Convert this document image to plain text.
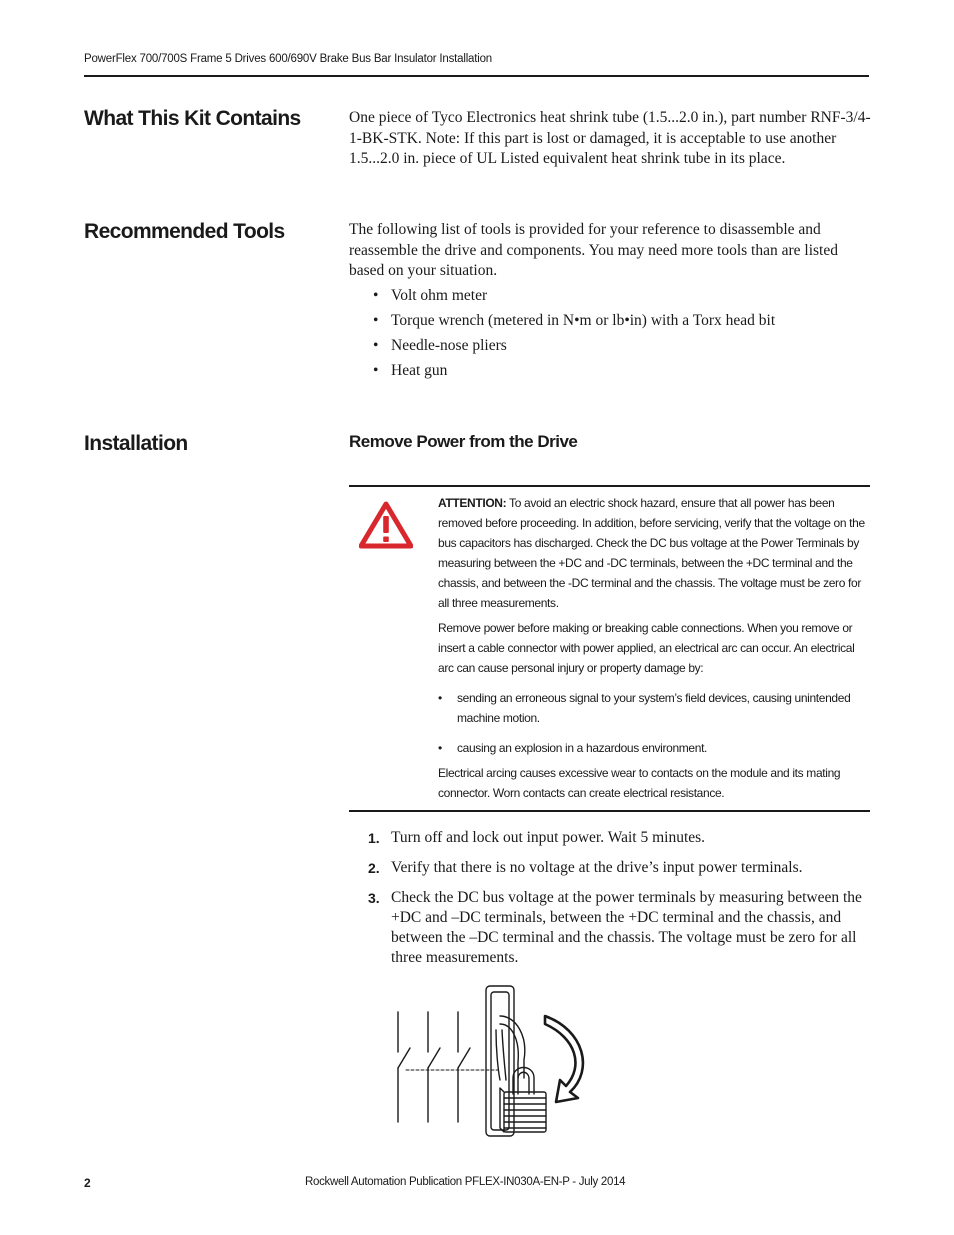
PowerFlex 700/700S Frame 5 Drives 600/690V Brake Bus Bar Insulator Installation
What This Kit Contains	One piece of Tyco Electronics heat shrink tube (1.5...2.0 in.), part number RNF-3/4-1-BK-STK. Note: If this part is lost or damaged, it is acceptable to use another 1.5...2.0 in. piece of UL Listed equivalent heat shrink tube in its place.

Recommended Tools	The following list of tools is provided for your reference to disassemble and reassemble the drive and components. You may need more tools than are listed based on your situation.

• Volt ohm meter
• Torque wrench (metered in N•m or lb•in) with a Torx head bit
• Needle-nose pliers
• Heat gun
Installation	Remove Power from the Drive

ATTENTION: To avoid an electric shock hazard, ensure that all power has been removed before proceeding. In addition, before servicing, verify that the voltage on the bus capacitors has discharged. Check the DC bus voltage at the Power Terminals by measuring between the +DC and -DC terminals, between the +DC terminal and the chassis, and between the -DC terminal and the chassis. The voltage must be zero for all three measurements.

Remove power before making or breaking cable connections. When you remove or insert a cable connector with power applied, an electrical arc can occur. An electrical arc can cause personal injury or property damage by:

• sending an erroneous signal to your system’s field devices, causing unintended machine motion.

• causing an explosion in a hazardous environment.

Electrical arcing causes excessive wear to contacts on the module and its mating connector. Worn contacts can create electrical resistance.

1. Turn off and lock out input power. Wait 5 minutes.
2. Verify that there is no voltage at the drive’s input power terminals.
3. Check the DC bus voltage at the power terminals by measuring between the +DC and –DC terminals, between the +DC terminal and the chassis, and between the –DC terminal and the chassis. The voltage must be zero for all three measurements.
2	Rockwell Automation Publication PFLEX-IN030A-EN-P - July 2014
